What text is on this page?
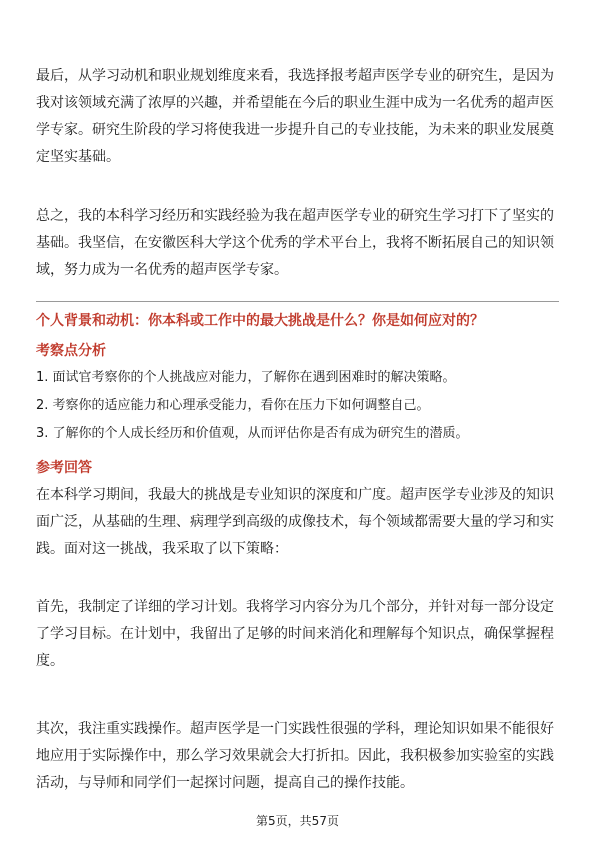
最后，从学习动机和职业规划维度来看，我选择报考超声医学专业的研究生，是因为我对该领域充满了浓厚的兴趣，并希望能在今后的职业生涯中成为一名优秀的超声医学专家。研究生阶段的学习将使我进一步提升自己的专业技能，为未来的职业发展奠定坚实基础。

总之，我的本科学习经历和实践经验为我在超声医学专业的研究生学习打下了坚实的基础。我坚信，在安徽医科大学这个优秀的学术平台上，我将不断拓展自己的知识领域，努力成为一名优秀的超声医学专家。

个人背景和动机：你本科或工作中的最大挑战是什么？你是如何应对的？
考察点分析
1. 面试官考察你的个人挑战应对能力，了解你在遇到困难时的解决策略。
2. 考察你的适应能力和心理承受能力，看你在压力下如何调整自己。
3. 了解你的个人成长经历和价值观，从而评估你是否有成为研究生的潜质。
参考回答

在本科学习期间，我最大的挑战是专业知识的深度和广度。超声医学专业涉及的知识面广泛，从基础的生理、病理学到高级的成像技术，每个领域都需要大量的学习和实践。面对这一挑战，我采取了以下策略：

首先，我制定了详细的学习计划。我将学习内容分为几个部分，并针对每一部分设定了学习目标。在计划中，我留出了足够的时间来消化和理解每个知识点，确保掌握程度。

其次，我注重实践操作。超声医学是一门实践性很强的学科，理论知识如果不能很好地应用于实际操作中，那么学习效果就会大打折扣。因此，我积极参加实验室的实践活动，与导师和同学们一起探讨问题，提高自己的操作技能。

第5页，共57页
